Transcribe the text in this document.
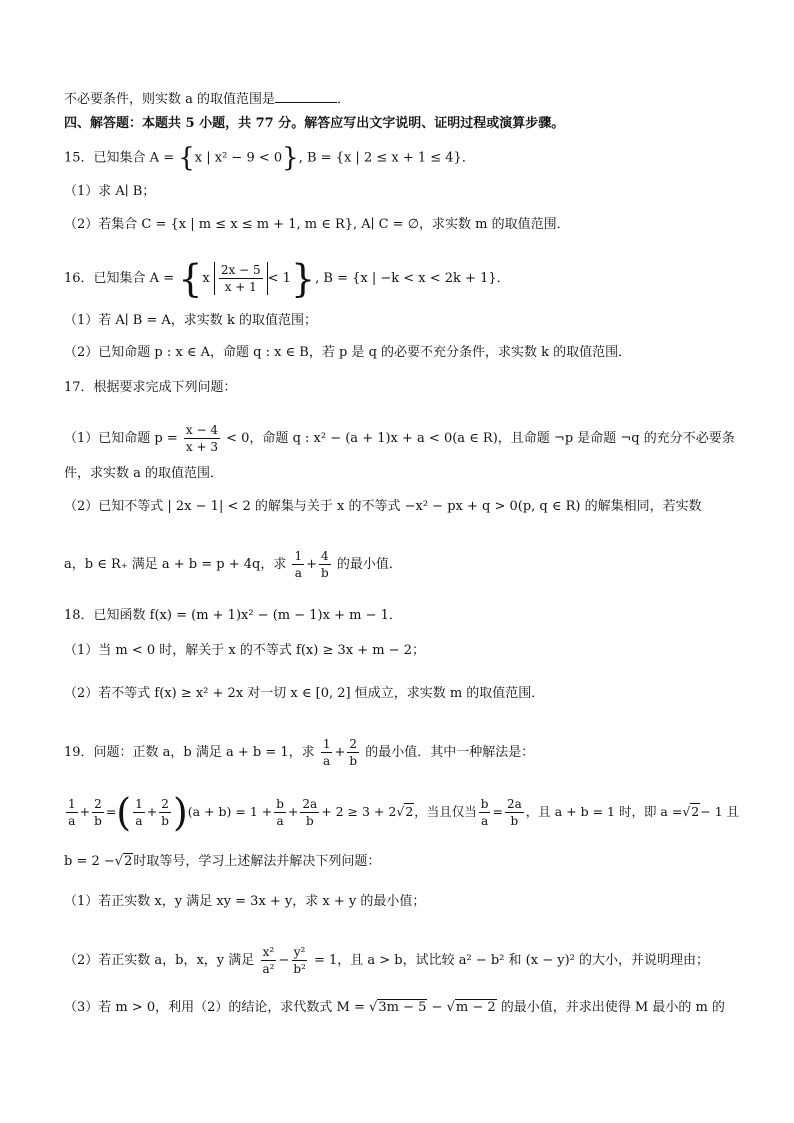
不必要条件，则实数 a 的取值范围是	．
四、解答题：本题共 5 小题，共 77 分。解答应写出文字说明、证明过程或演算步骤。
15．已知集合 A = {x | x² − 9 < 0}, B = {x | 2 ≤ x + 1 ≤ 4}．
（1）求 A∣ B；
（2）若集合 C = {x | m ≤ x ≤ m + 1, m ∈ R}, A∣ C = ∅，求实数 m 的取值范围．
16．已知集合 $A = \{x \frac{2x - 5}{x + 1} < 1\}$, B = {x | −k < x < 2k + 1}．
（1）若 A∣ B = A，求实数 k 的取值范围；
（2）已知命题 p : x ∈ A，命题 q : x ∈ B，若 p 是 q 的必要不充分条件，求实数 k 的取值范围．
17．根据要求完成下列问题：
（1）已知命题 $p = \frac{x - 4}{x + 3} < 0$，命题 q : x² − (a + 1)x + a < 0(a ∈ R)，且命题 ¬p 是命题 ¬q 的充分不必要条
件，求实数 a 的取值范围．
（2）已知不等式 | 2x − 1| < 2 的解集与关于 x 的不等式 −x² − px + q > 0(p, q ∈ R) 的解集相同，若实数
a，b ∈ R₊ 满足 a + b = p + 4q，求 $\frac{1}{a} + \frac{4}{b}$ 的最小值．
18．已知函数 f(x) = (m + 1)x² − (m − 1)x + m − 1．
（1）当 m < 0 时，解关于 x 的不等式 f(x) ≥ 3x + m − 2；
（2）若不等式 f(x) ≥ x² + 2x 对一切 x ∈ [0, 2] 恒成立，求实数 m 的取值范围．
19．问题：正数 a，b 满足 a + b = 1，求 $\frac{1}{a} + \frac{2}{b}$ 的最小值．其中一种解法是：
$\frac{1}{a} + \frac{2}{b}$ =( $\frac{1}{a} + \frac{2}{b} )(a + b) = 1 + \frac{b}{a} + \frac{2a}{b} + 2 \ge 3 + 2√2$，当且仅当 $\frac{b}{a} = \frac{2a}{b}$ ，且 a + b = 1 时，即 a =√2− 1 且
b = 2 −√2时取等号，学习上述解法并解决下列问题：
（1）若正实数 x，y 满足 xy = 3x + y，求 x + y 的最小值；
（2）若正实数 a，b，x，y 满足 $\frac{\text{x²}}{\text{a²}} - \frac{\text{y²}}{\text{b²}} = 1$，且 a > b，试比较 a² − b² 和 (x − y)² 的大小，并说明理由；
（3）若 m > 0，利用（2）的结论，求代数式 M = √3m − 5 − √m − 2 的最小值，并求出使得 M 最小的 m 的
